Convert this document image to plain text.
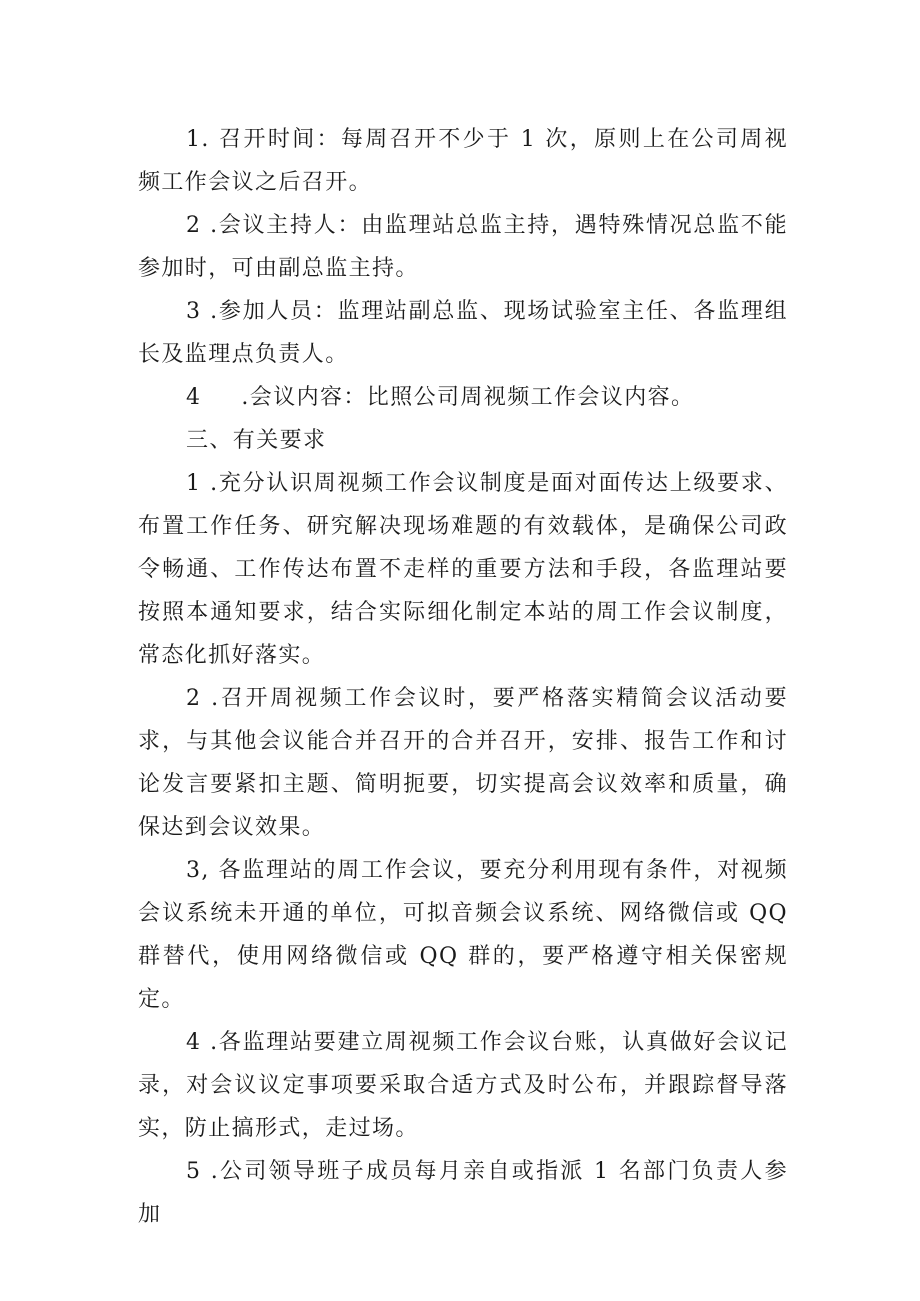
1. 召开时间：每周召开不少于 1 次，原则上在公司周视频工作会议之后召开。

2 .会议主持人：由监理站总监主持，遇特殊情况总监不能参加时，可由副总监主持。

3 .参加人员：监理站副总监、现场试验室主任、各监理组长及监理点负责人。

4 .会议内容：比照公司周视频工作会议内容。

三、有关要求

1 .充分认识周视频工作会议制度是面对面传达上级要求、布置工作任务、研究解决现场难题的有效载体，是确保公司政令畅通、工作传达布置不走样的重要方法和手段，各监理站要按照本通知要求，结合实际细化制定本站的周工作会议制度，常态化抓好落实。

2 .召开周视频工作会议时，要严格落实精简会议活动要求，与其他会议能合并召开的合并召开，安排、报告工作和讨论发言要紧扣主题、简明扼要，切实提高会议效率和质量，确保达到会议效果。

3, 各监理站的周工作会议，要充分利用现有条件，对视频会议系统未开通的单位，可拟音频会议系统、网络微信或 QQ 群替代，使用网络微信或 QQ 群的，要严格遵守相关保密规定。

4 .各监理站要建立周视频工作会议台账，认真做好会议记录，对会议议定事项要采取合适方式及时公布，并跟踪督导落实，防止搞形式，走过场。

5 .公司领导班子成员每月亲自或指派 1 名部门负责人参加
